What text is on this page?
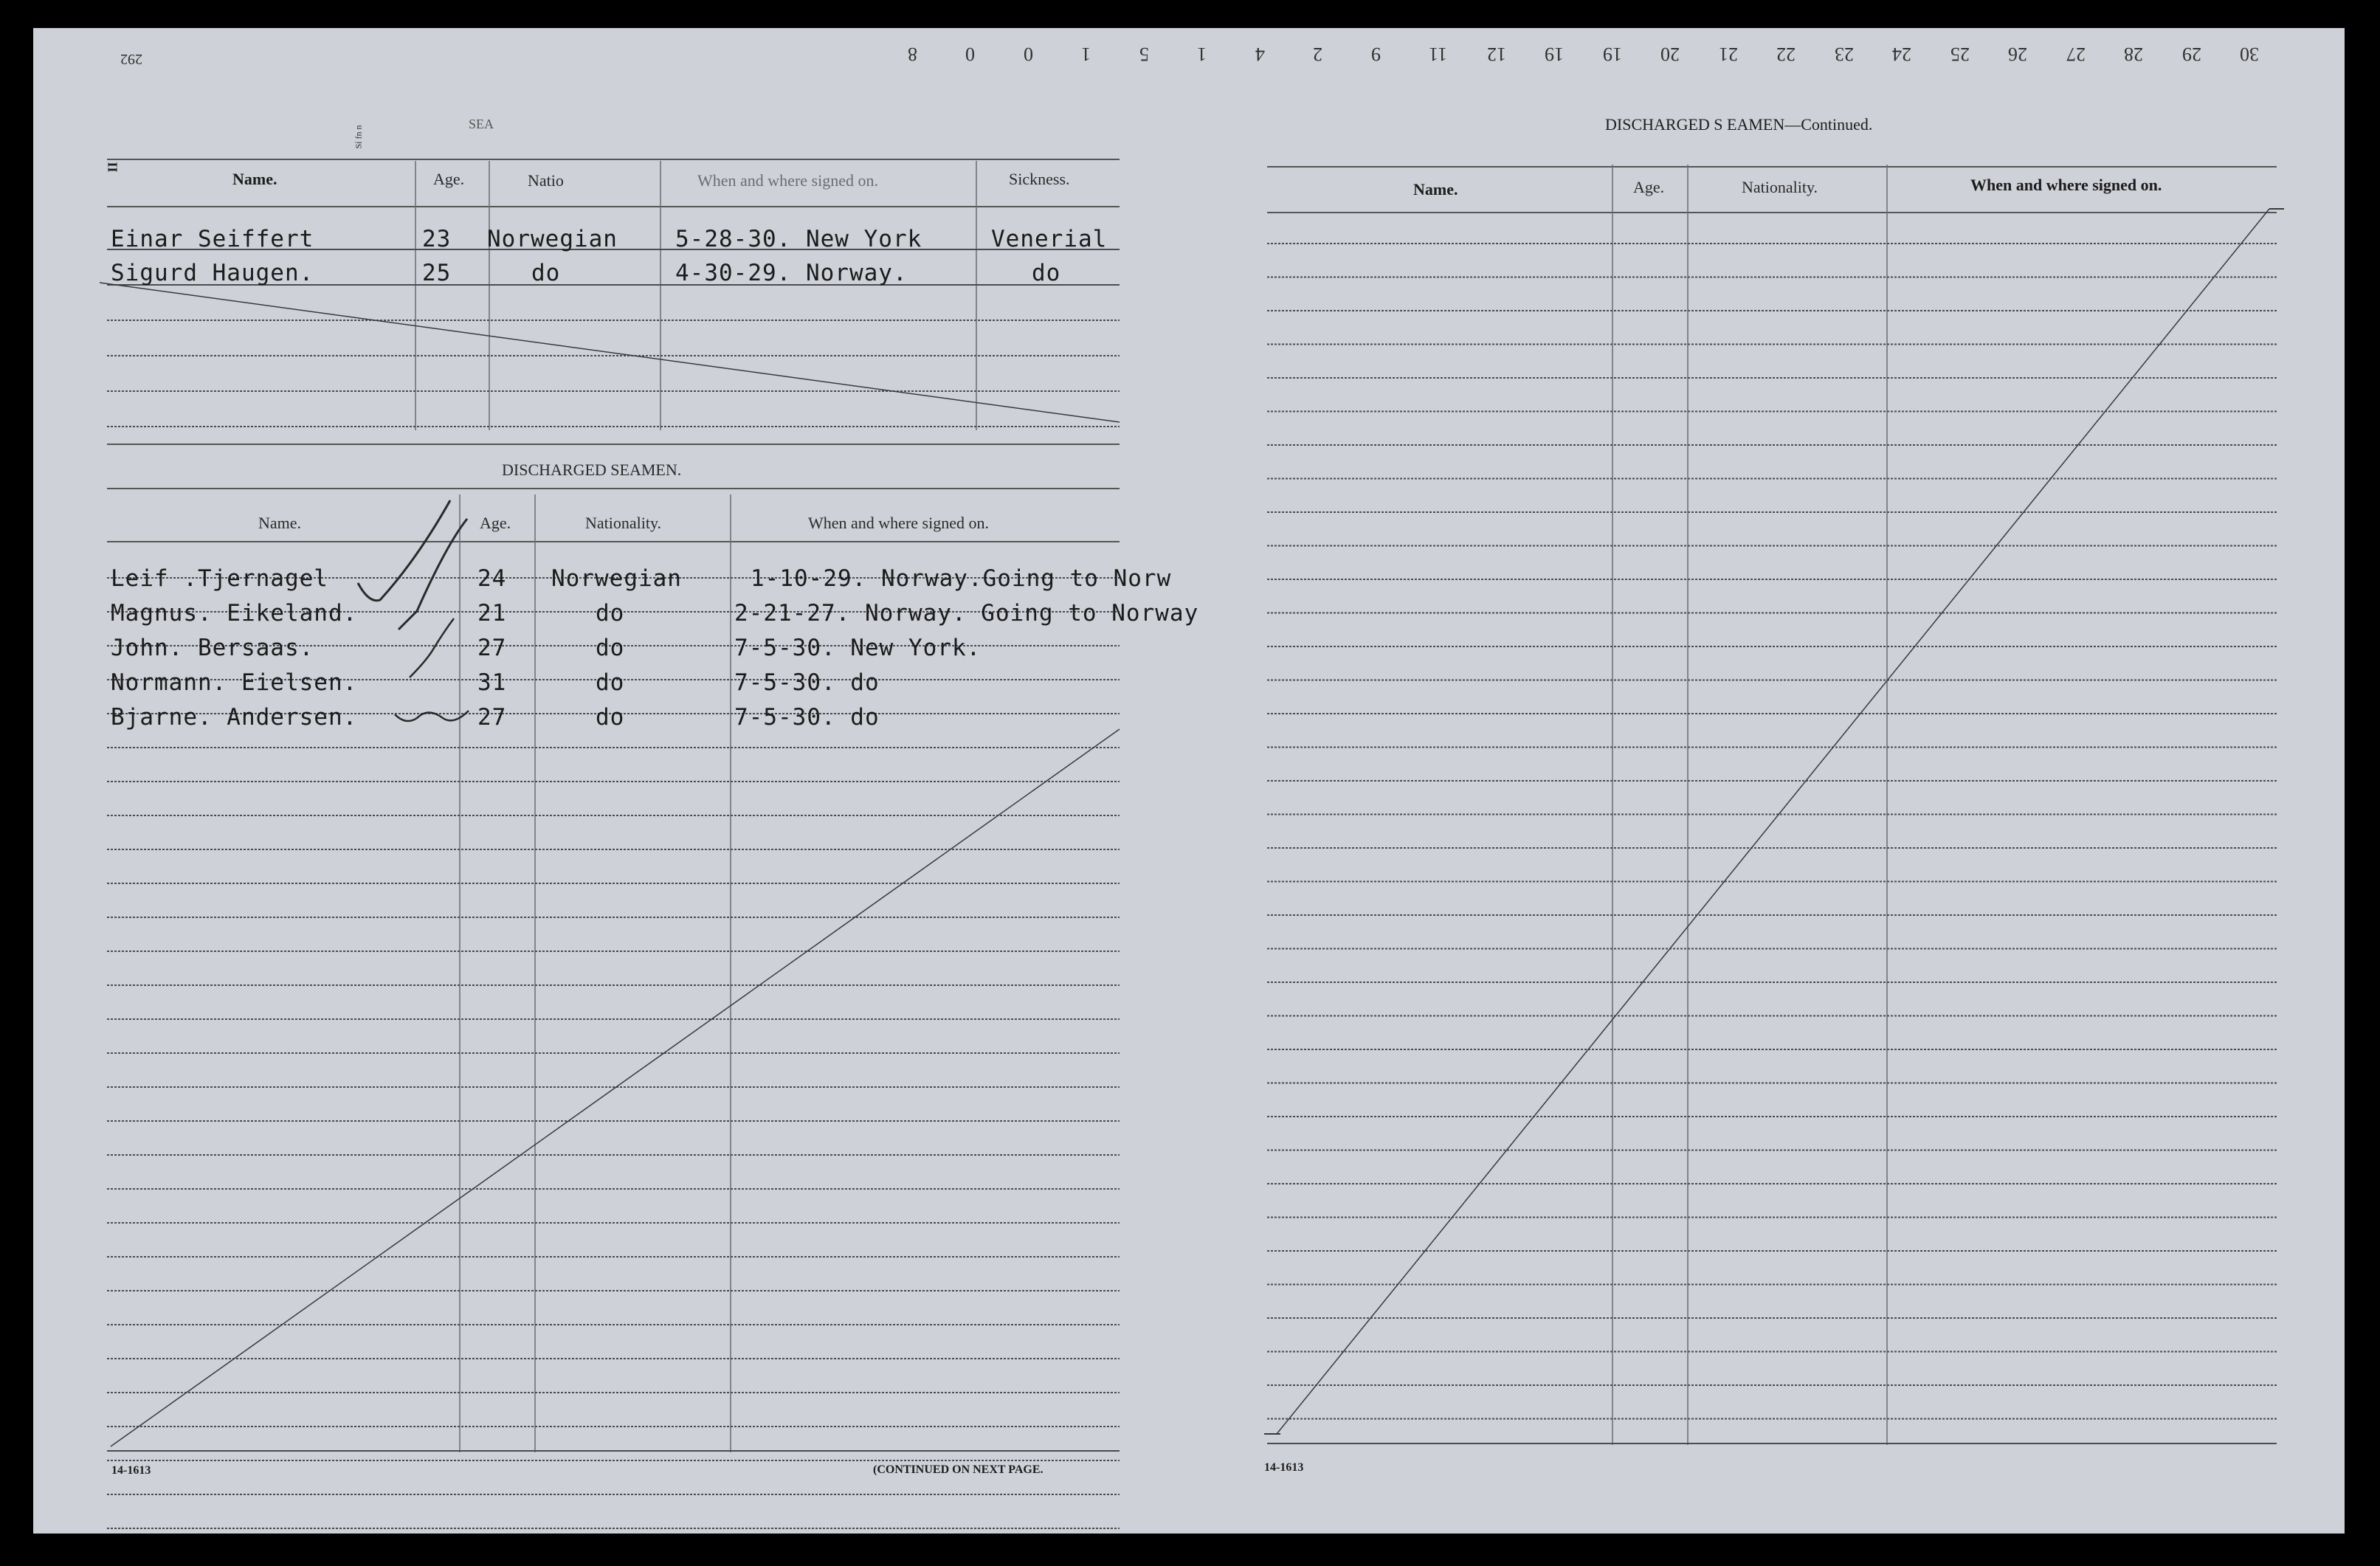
292
II
SEA
Sí fn n
Name.	Age.	Natio	When and where signed on.	Sickness.
DISCHARGED SEAMEN.
Name.	Age.	Nationality.	When and where signed on.
14-1613	(CONTINUED ON NEXT PAGE.
DISCHARGED S EAMEN—Continued.
Name.	Age.	Nationality.	When and where signed on.
14-1613
8	0	0	1	5	1	4	2	9	11 12 19 19 20 21 22 23 24 25 26 27 28 29 30
Einar Seiffert	23 Norwegian	5-28-30. New York	Venerial
Sigurd Haugen.	25	do	4-30-29. Norway.	do
Leif .Tjernagel	24 Norwegian	1-10-29. Norway.Going to Norw
Magnus. Eikeland.	21	do	2-21-27. Norway. Going to Norway
John. Bersaas.	27	do	7-5-30. New York.
Normann. Eielsen.	31	do	7-5-30. do
Bjarne. Andersen.	27	do	7-5-30. do
